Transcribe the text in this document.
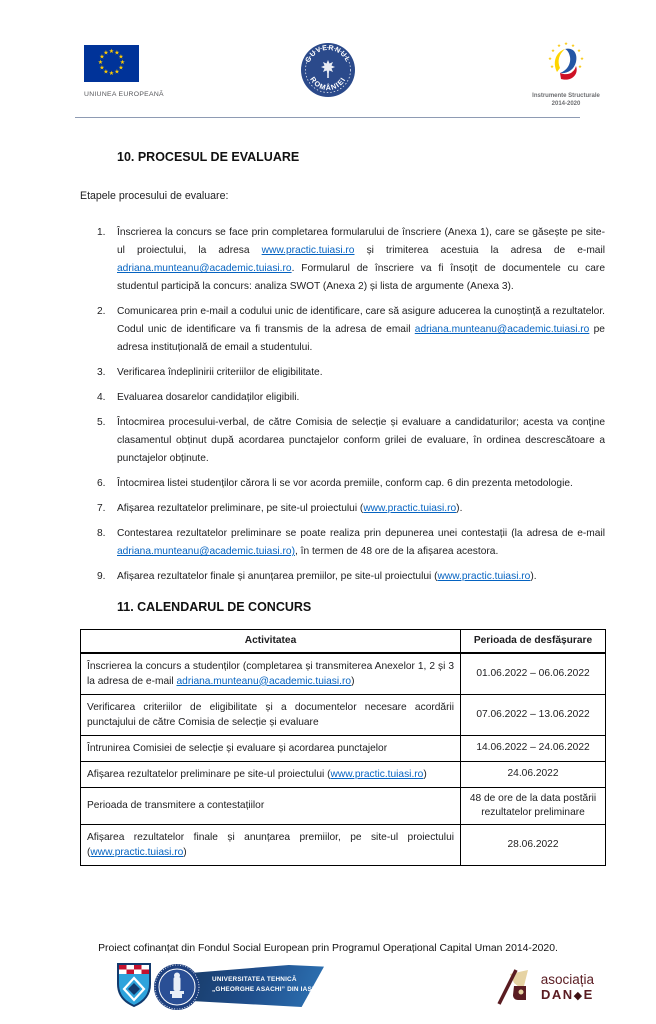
★ ★
★
★
★
★
★
★
★
★
★
★
UNIUNEA EUROPEANĂ
GUVERNUL
ROMÂNIEI
★ ★
★
★
★
★
★
★
★
Instrumente Structurale
2014-2020
10. PROCESUL DE EVALUARE
Etapele procesului de evaluare:
1.	Înscrierea la concurs se face prin completarea formularului de înscriere (Anexa 1), care se găsește pe site-ul proiectului, la adresa www.practic.tuiasi.ro și trimiterea acestuia la adresa de e-mail adriana.munteanu@academic.tuiasi.ro. Formularul de înscriere va fi însoțit de documentele cu care studentul participă la concurs: analiza SWOT (Anexa 2) și lista de argumente (Anexa 3).
2.	Comunicarea prin e-mail a codului unic de identificare, care să asigure aducerea la cunoștință a rezultatelor. Codul unic de identificare va fi transmis de la adresa de email adriana.munteanu@academic.tuiasi.ro pe adresa instituțională de email a studentului.
3.	Verificarea îndeplinirii criteriilor de eligibilitate.
4.	Evaluarea dosarelor candidaților eligibili.
5.	Întocmirea procesului-verbal, de către Comisia de selecție și evaluare a candidaturilor; acesta va conține clasamentul obținut după acordarea punctajelor conform grilei de evaluare, în ordinea descrescătoare a punctajelor obținute.
6.	Întocmirea listei studenților cărora li se vor acorda premiile, conform cap. 6 din prezenta metodologie.
7.	Afișarea rezultatelor preliminare, pe site-ul proiectului (www.practic.tuiasi.ro).
8.	Contestarea rezultatelor preliminare se poate realiza prin depunerea unei contestații (la adresa de e-mail adriana.munteanu@academic.tuiasi.ro), în termen de 48 ore de la afișarea acestora.
9.	Afișarea rezultatelor finale și anunțarea premiilor, pe site-ul proiectului (www.practic.tuiasi.ro).
11. CALENDARUL DE CONCURS
Activitatea	Perioada de desfășurare
Înscrierea la concurs a studenților (completarea și transmiterea Anexelor 1, 2 și 3 la adresa de e-mail adriana.munteanu@academic.tuiasi.ro)	01.06.2022 – 06.06.2022
Verificarea criteriilor de eligibilitate și a documentelor necesare acordării punctajului de către Comisia de selecție și evaluare	07.06.2022 – 13.06.2022
Întrunirea Comisiei de selecție și evaluare și acordarea punctajelor	14.06.2022 – 24.06.2022
Afișarea rezultatelor preliminare pe site-ul proiectului (www.practic.tuiasi.ro)	24.06.2022
Perioada de transmitere a contestațiilor	48 de ore de la data postării rezultatelor preliminare
Afișarea rezultatelor finale și anunțarea premiilor, pe site-ul proiectului (www.practic.tuiasi.ro)	28.06.2022
Proiect cofinanțat din Fondul Social European prin Programul Operațional Capital Uman 2014-2020.
UNIVERSITATEA TEHNICĂ
„GHEORGHE ASACHI” DIN IAȘI
asociația
DAN◆E
